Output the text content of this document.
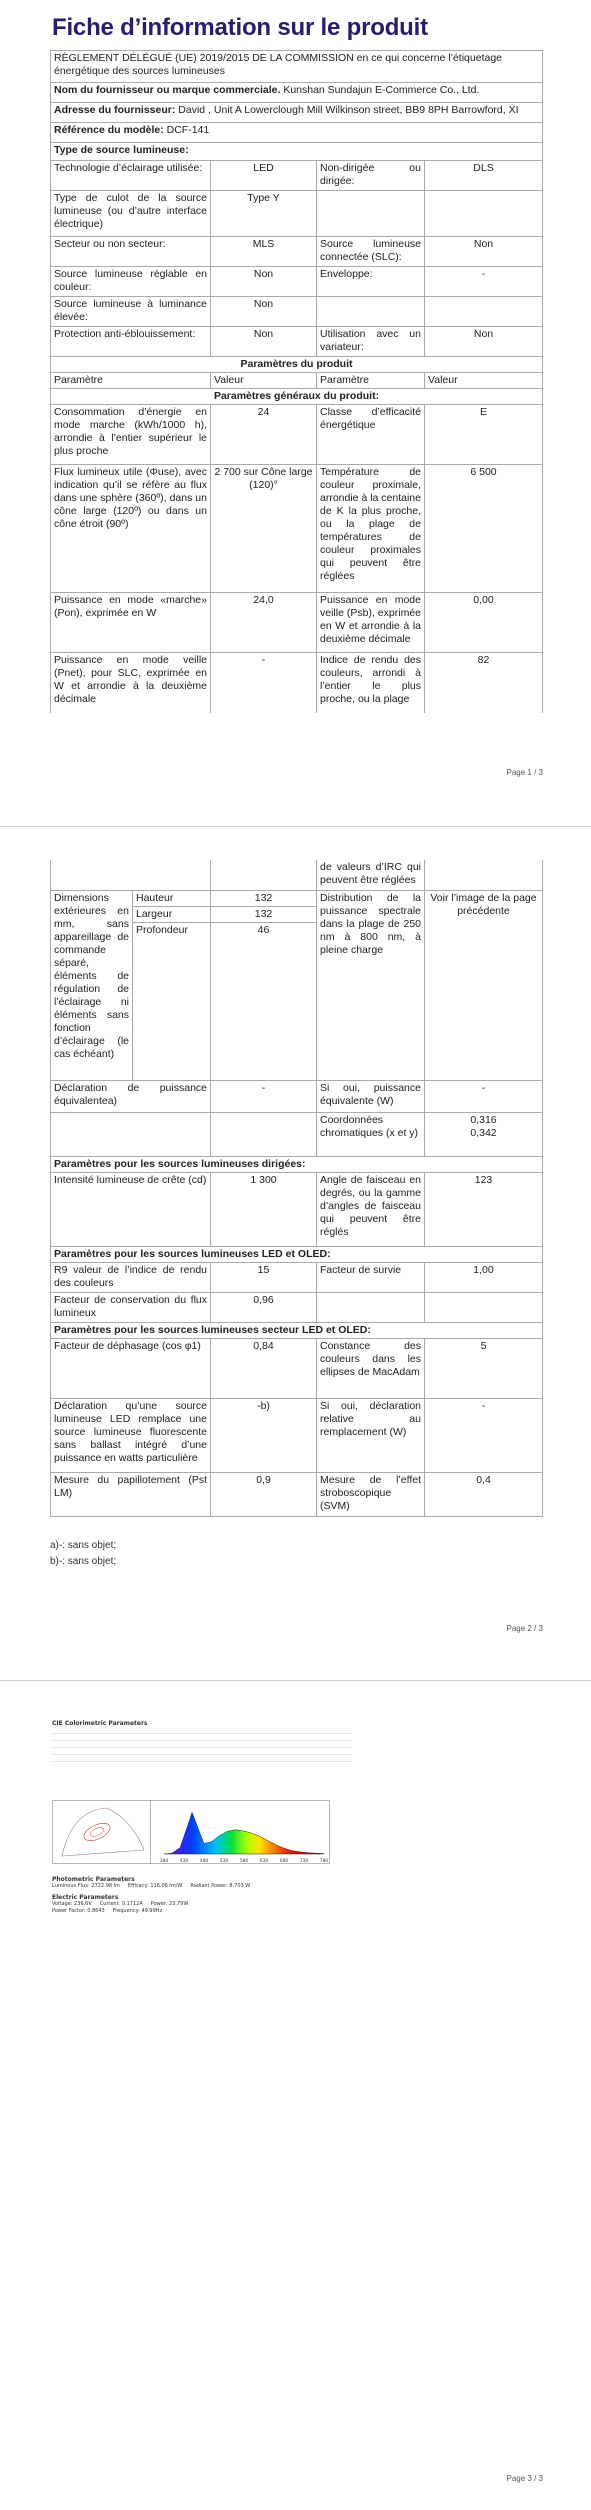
Fiche d’information sur le produit
RÈGLEMENT DÉLÉGUÉ (UE) 2019/2015 DE LA COMMISSION en ce qui concerne l’étiquetage énergétique des sources lumineuses			
Nom du fournisseur ou marque commerciale. Kunshan Sundajun E-Commerce Co., Ltd.			
Adresse du fournisseur: David , Unit A Lowerclough Mill Wilkinson street, BB9 8PH Barrowford, XI			
Référence du modèle: DCF-141			
Type de source lumineuse:			
Technologie d’éclairage utilisée:	LED	Non-dirigée ou dirigée:	DLS
Type de culot de la source lumineuse (ou d’autre interface électrique)	Type Y		
Secteur ou non secteur:	MLS	Source lumineuse connectée (SLC):	Non
Source lumineuse réglable en couleur:	Non	Enveloppe:	-
Source lumineuse à luminance élevée:	Non		
Protection anti-éblouissement:	Non	Utilisation avec un variateur:	Non
Paramètres du produit			
Paramètre	Valeur	Paramètre	Valeur
Paramètres généraux du produit:			
Consommation d’énergie en mode marche (kWh/1000 h), arrondie à l’entier supérieur le plus proche	24	Classe d’efficacité énergétique	E
Flux lumineux utile (Φuse), avec indication qu’il se réfère au flux dans une sphère (360º), dans un cône large (120º) ou dans un cône étroit (90º)	2 700 sur Cône large (120)°	Température de couleur proximale, arrondie à la centaine de K la plus proche, ou la plage de températures de couleur proximales qui peuvent être réglées	6 500
Puissance en mode «marche» (Pon), exprimée en W	24,0	Puissance en mode veille (Psb), exprimée en W et arrondie à la deuxième décimale	0,00
Puissance en mode veille (Pnet), pour SLC, exprimée en W et arrondie à la deuxième décimale	-	Indice de rendu des couleurs, arrondi à l’entier le plus proche, ou la plage	82
Page 1 / 3
			de valeurs d’IRC qui peuvent être réglées	
Dimensions extérieures en mm, sans appareillage de commande séparé, éléments de régulation de l’éclairage ni éléments sans fonction d’éclairage (le cas échéant)	Hauteur	132	Distribution de la puissance spectrale dans la plage de 250 nm à 800 nm, à pleine charge	Voir l’image de la page précédente
	Largeur	132		
	Profondeur	46		
Déclaration de puissance équivalentea)		-	Si oui, puissance équivalente (W)	-
			Coordonnées chromatiques (x et y)	0,316
0,342

Paramètres pour les sources lumineuses dirigées:				
Intensité lumineuse de crête (cd)		1 300	Angle de faisceau en degrés, ou la gamme d’angles de faisceau qui peuvent être réglés	123
Paramètres pour les sources lumineuses LED et OLED:				
R9 valeur de l’indice de rendu des couleurs		15	Facteur de survie	1,00
Facteur de conservation du flux lumineux		0,96		
Paramètres pour les sources lumineuses secteur LED et OLED:				
Facteur de déphasage (cos φ1)		0,84	Constance des couleurs dans les ellipses de MacAdam	5
Déclaration qu’une source lumineuse LED remplace une source lumineuse fluorescente sans ballast intégré d’une puissance en watts particulière		-b)	Si oui, déclaration relative au remplacement (W)	-
Mesure du papillotement (Pst LM)		0,9	Mesure de l’effet stroboscopique (SVM)	0,4
a)-: sans objet;
b)-: sans objet;
Page 2 / 3
Page 3 / 3
CIE Colorimetric Parameters
380	430	480	530	580	630	680	730	780
Photometric Parameters
Luminous Flux: 2722.98 lm Efficacy: 116.06 lm/W Radiant Power: 8.703 W
Electric Parameters
Voltage: 236.6V Current: 0.1712A Power: 23.79W
Power Factor: 0.8643 Frequency: 49.99Hz
